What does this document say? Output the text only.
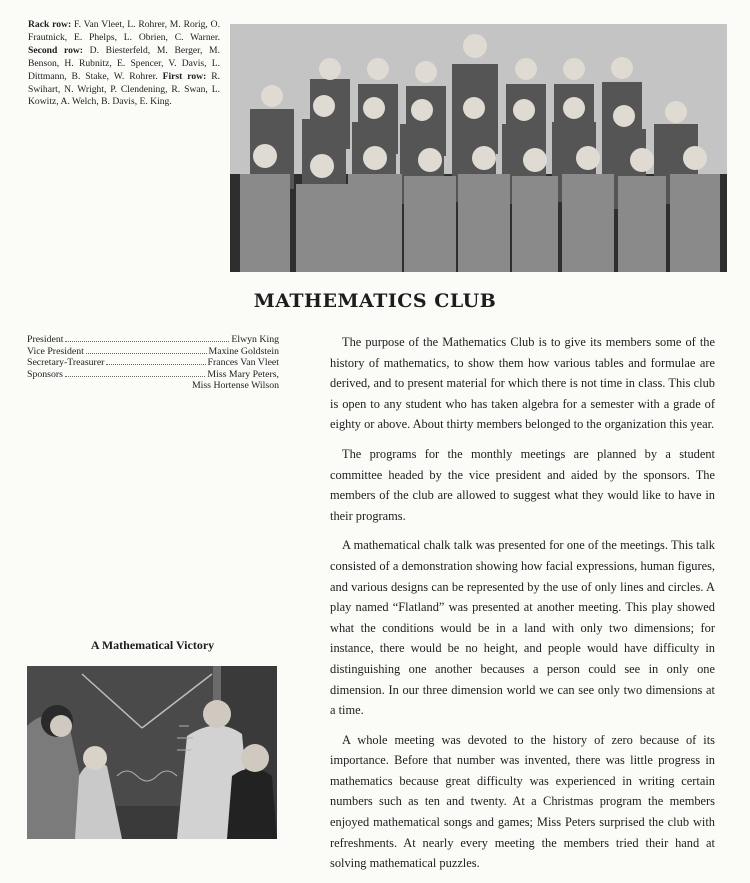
Rack row: F. Van Vleet, L. Rohrer, M. Rorig, O. Frautnick, E. Phelps, L. Obrien, C. Warner. Second row: D. Biesterfeld, M. Berger, M. Benson, H. Rubnitz, E. Spencer, V. Davis, L. Dittmann, B. Stake, W. Rohrer. First row: R. Swihart, N. Wright, P. Clendening, R. Swan, L. Kowitz, A. Welch, B. Davis, E. King.
MATHEMATICS CLUB
President	Elwyn King
Vice President	Maxine Goldstein
Secretary-Treasurer	Frances Van Vleet
Sponsors	Miss Mary Peters,
Miss Hortense Wilson

The purpose of the Mathematics Club is to give its members some of the history of mathematics, to show them how various tables and formulae are derived, and to present material for which there is not time in class. This club is open to any student who has taken algebra for a semester with a grade of eighty or above. About thirty members belonged to the organization this year.

The programs for the monthly meetings are planned by a student committee headed by the vice president and aided by the sponsors. The members of the club are allowed to suggest what they would like to have in their programs.

A mathematical chalk talk was presented for one of the meetings. This talk consisted of a demonstration showing how facial expressions, human figures, and various designs can be represented by the use of only lines and circles. A play named “Flatland” was presented at another meeting. This play showed what the conditions would be in a land with only two dimensions; for instance, there would be no height, and people would have difficulty in distinguishing one another becauses a person could see in only one dimension. In our three dimension world we can see only two dimensions at a time.

A whole meeting was devoted to the history of zero because of its importance. Before that number was invented, there was little progress in mathematics because great difficulty was experienced in writing certain numbers such as ten and twenty. At a Christmas program the members enjoyed mathematical songs and games; Miss Peters surprised the club with refreshments. At nearly every meeting the members tried their hand at solving mathematical puzzles.

A Mathematical Victory
